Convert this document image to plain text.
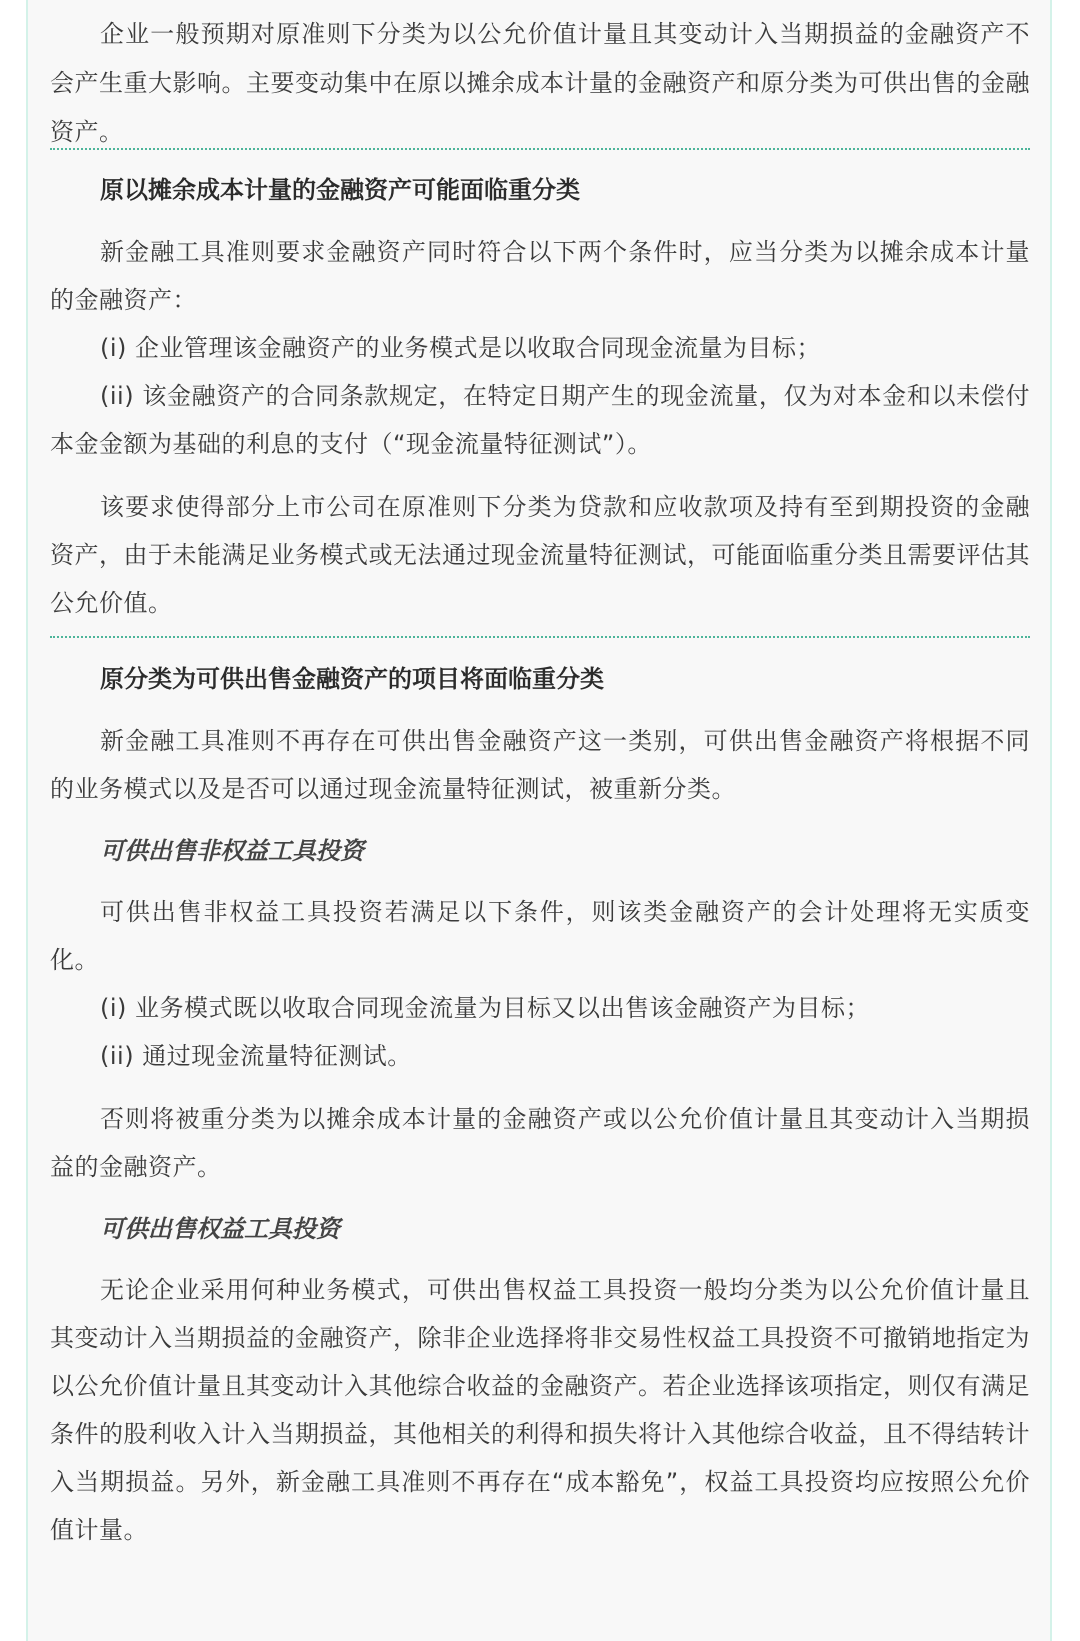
企业一般预期对原准则下分类为以公允价值计量且其变动计入当期损益的金融资产不会产生重大影响。主要变动集中在原以摊余成本计量的金融资产和原分类为可供出售的金融资产。

原以摊余成本计量的金融资产可能面临重分类

新金融工具准则要求金融资产同时符合以下两个条件时，应当分类为以摊余成本计量的金融资产：

(i) 企业管理该金融资产的业务模式是以收取合同现金流量为目标；

(ii) 该金融资产的合同条款规定，在特定日期产生的现金流量，仅为对本金和以未偿付本金金额为基础的利息的支付（“现金流量特征测试”）。

该要求使得部分上市公司在原准则下分类为贷款和应收款项及持有至到期投资的金融资产，由于未能满足业务模式或无法通过现金流量特征测试，可能面临重分类且需要评估其公允价值。

原分类为可供出售金融资产的项目将面临重分类

新金融工具准则不再存在可供出售金融资产这一类别，可供出售金融资产将根据不同的业务模式以及是否可以通过现金流量特征测试，被重新分类。

可供出售非权益工具投资

可供出售非权益工具投资若满足以下条件，则该类金融资产的会计处理将无实质变化。

(i) 业务模式既以收取合同现金流量为目标又以出售该金融资产为目标；

(ii) 通过现金流量特征测试。

否则将被重分类为以摊余成本计量的金融资产或以公允价值计量且其变动计入当期损益的金融资产。

可供出售权益工具投资

无论企业采用何种业务模式，可供出售权益工具投资一般均分类为以公允价值计量且其变动计入当期损益的金融资产，除非企业选择将非交易性权益工具投资不可撤销地指定为以公允价值计量且其变动计入其他综合收益的金融资产。若企业选择该项指定，则仅有满足条件的股利收入计入当期损益，其他相关的利得和损失将计入其他综合收益，且不得结转计入当期损益。另外，新金融工具准则不再存在“成本豁免”，权益工具投资均应按照公允价值计量。
